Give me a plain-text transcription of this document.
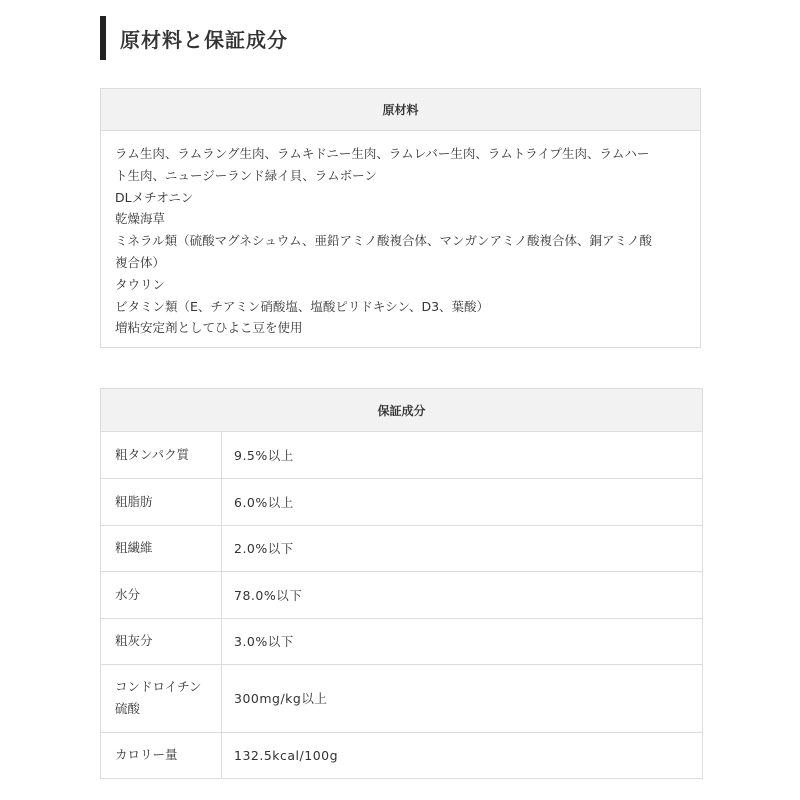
原材料と保証成分
原材料
ラム生肉、ラムラング生肉、ラムキドニー生肉、ラムレバー生肉、ラムトライプ生肉、ラムハー
ト生肉、ニュージーランド緑イ貝、ラムボーン
DLメチオニン
乾燥海草
ミネラル類（硫酸マグネシュウム、亜鉛アミノ酸複合体、マンガンアミノ酸複合体、銅アミノ酸
複合体）
タウリン
ビタミン類（E、チアミン硝酸塩、塩酸ピリドキシン、D3、葉酸）
増粘安定剤としてひよこ豆を使用
保証成分
粗タンパク質	9.5%以上
粗脂肪	6.0%以上
粗繊維	2.0%以下
水分	78.0%以下
粗灰分	3.0%以下

コンドロイチン
硫酸	300mg/kg以上
カロリー量	132.5kcal/100g
